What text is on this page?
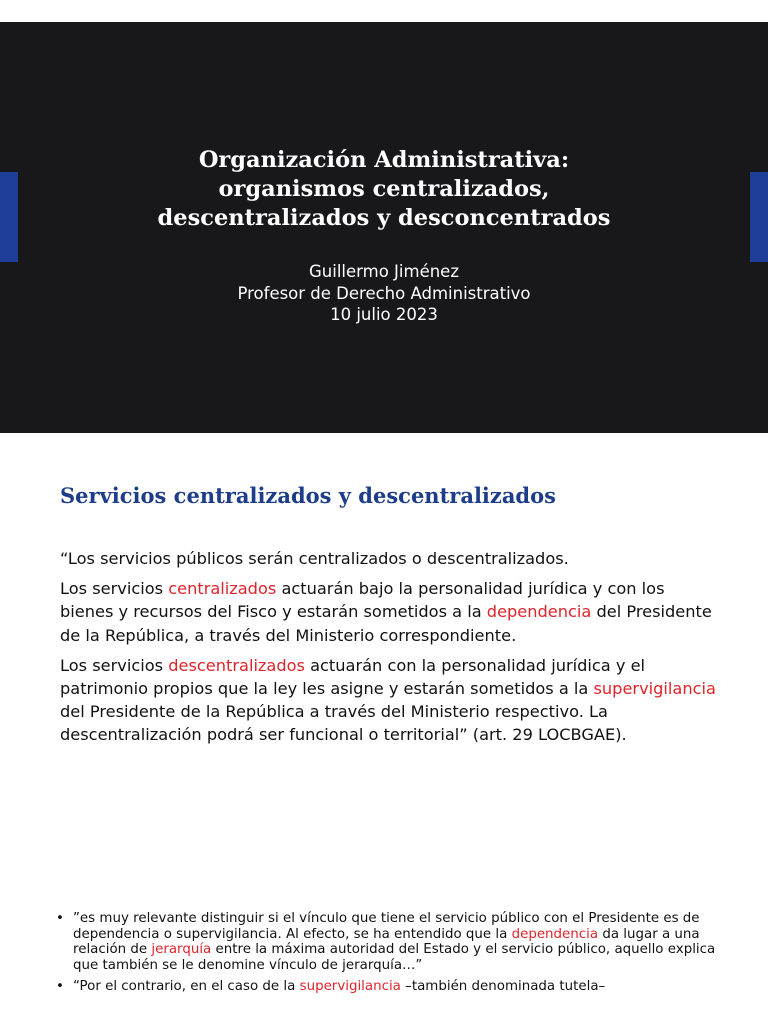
Organización Administrativa:
organismos centralizados,
descentralizados y desconcentrados
Guillermo Jiménez
Profesor de Derecho Administrativo
10 julio 2023
Servicios centralizados y descentralizados

“Los servicios públicos serán centralizados o descentralizados.

Los servicios centralizados actuarán bajo la personalidad jurídica y con los bienes y recursos del Fisco y estarán sometidos a la dependencia del Presidente de la República, a través del Ministerio correspondiente.

Los servicios descentralizados actuarán con la personalidad jurídica y el patrimonio propios que la ley les asigne y estarán sometidos a la supervigilancia del Presidente de la República a través del Ministerio respectivo. La descentralización podrá ser funcional o territorial” (art. 29 LOCBGAE).

• ”es muy relevante distinguir si el vínculo que tiene el servicio público con el Presidente es de dependencia o supervigilancia. Al efecto, se ha entendido que la dependencia da lugar a una relación de jerarquía entre la máxima autoridad del Estado y el servicio público, aquello explica que también se le denomine vínculo de jerarquía…”
• “Por el contrario, en el caso de la supervigilancia –también denominada tutela–
